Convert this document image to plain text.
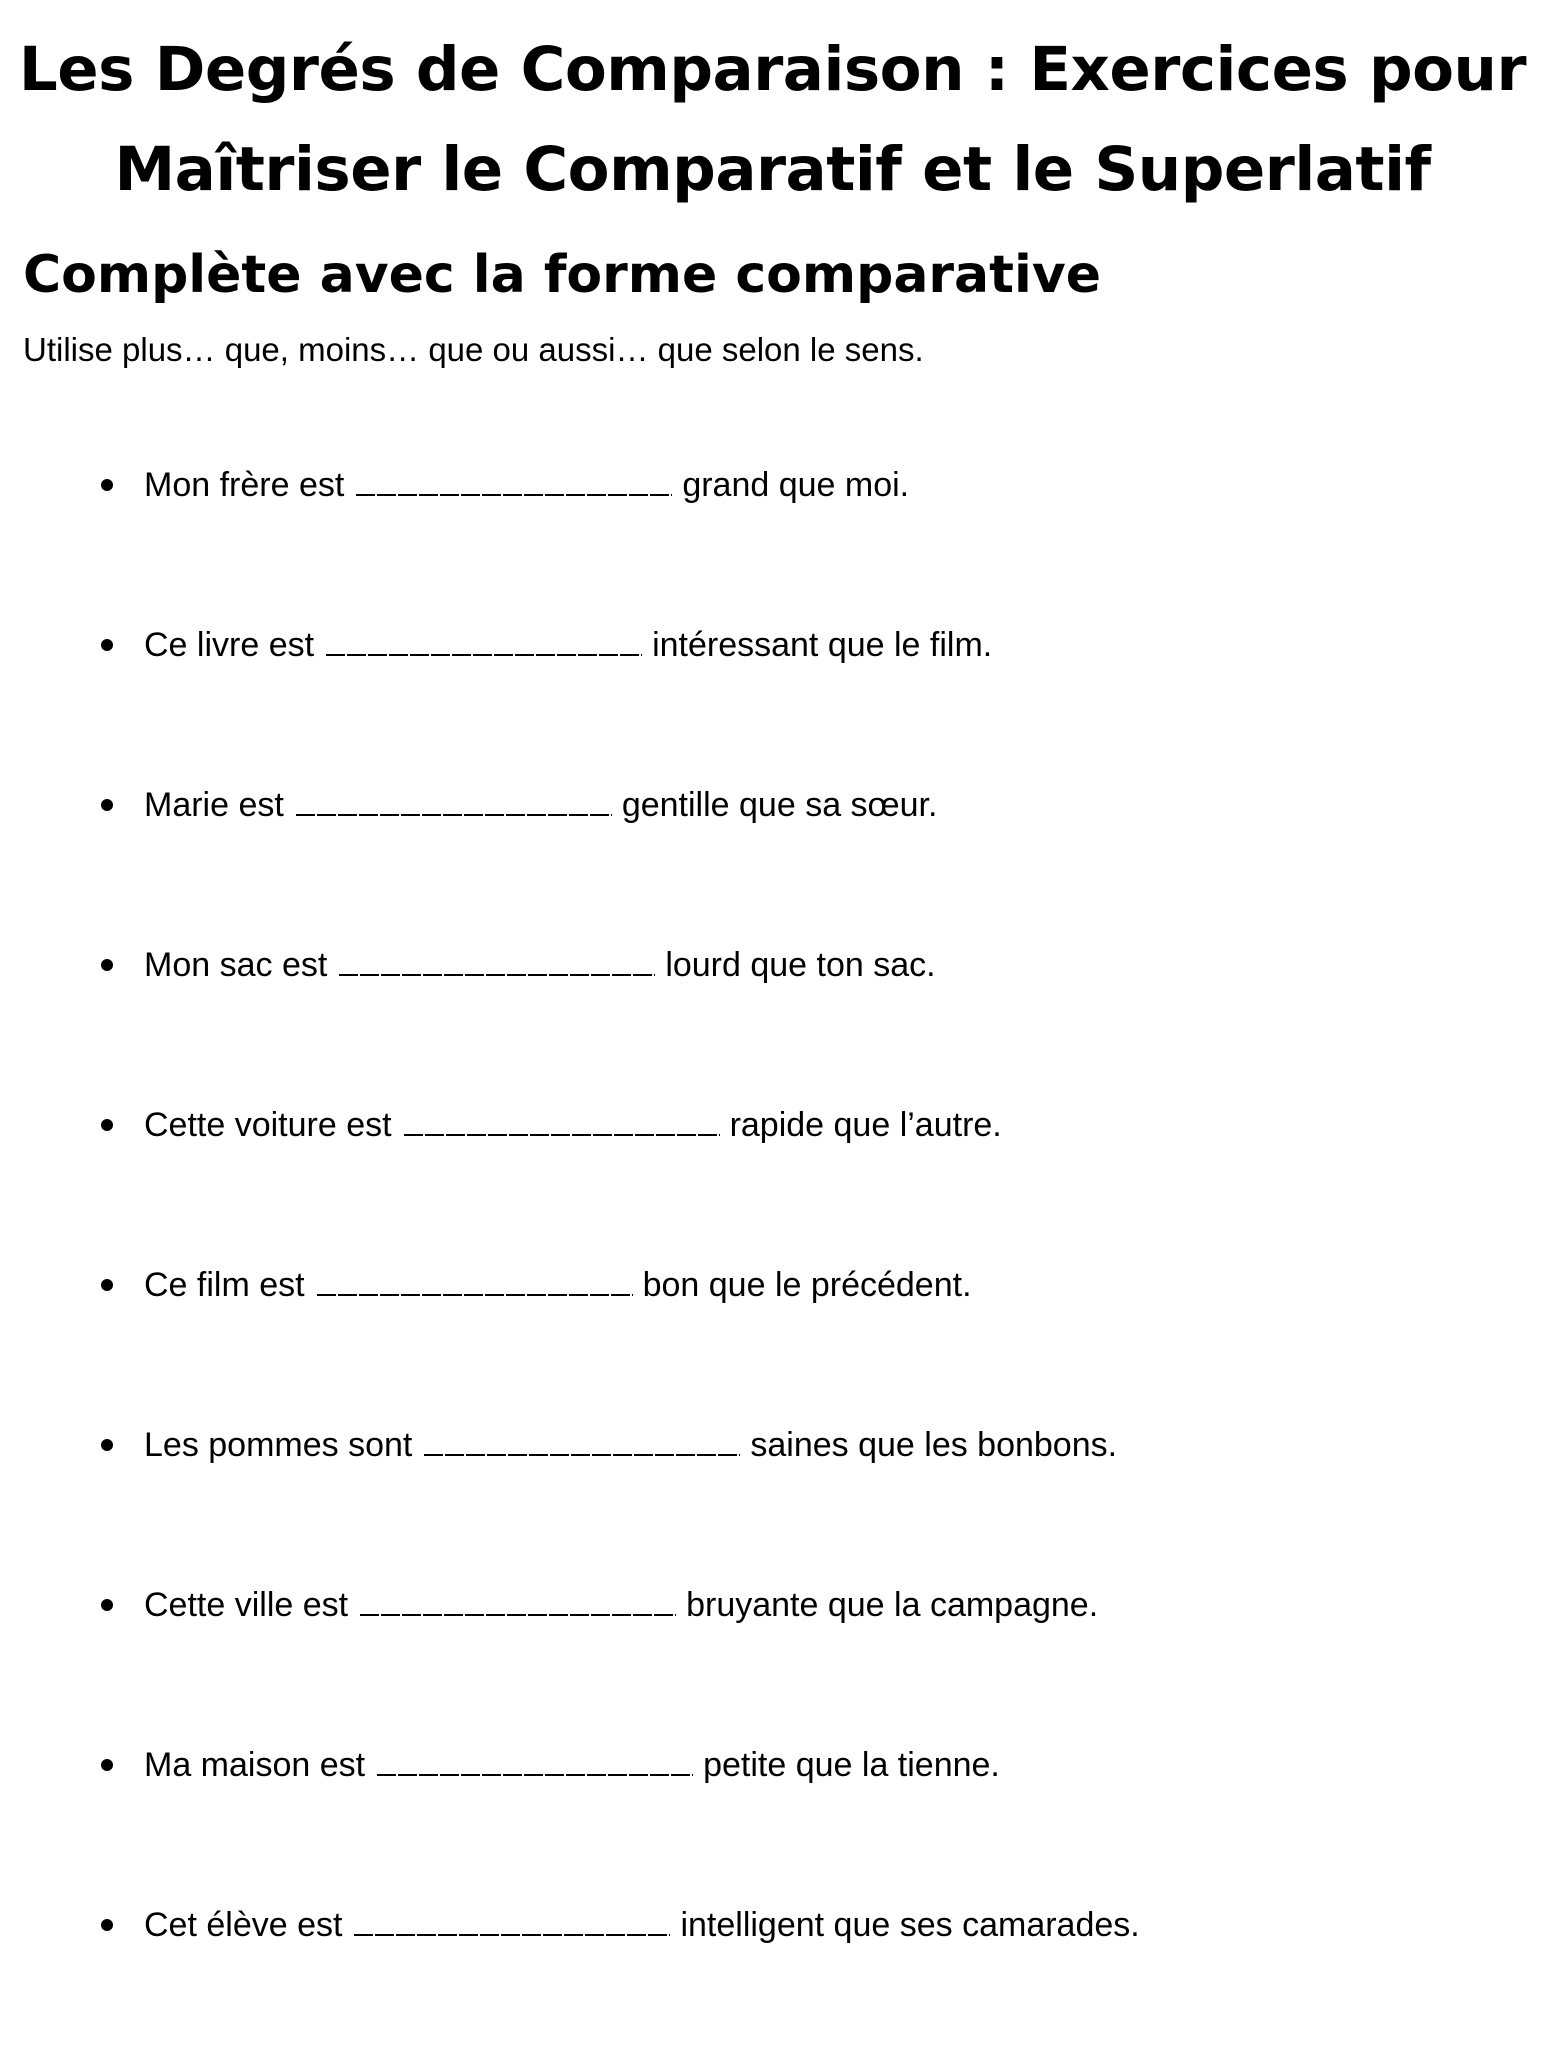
Les Degrés de Comparaison : Exercices pour
Maîtriser le Comparatif et le Superlatif
Complète avec la forme comparative

Utilise plus… que, moins… que ou aussi… que selon le sens.

Mon frère est	grand que moi.
Ce livre est	intéressant que le film.
Marie est	gentille que sa sœur.
Mon sac est	lourd que ton sac.
Cette voiture est	rapide que l’autre.
Ce film est	bon que le précédent.
Les pommes sont	saines que les bonbons.
Cette ville est	bruyante que la campagne.
Ma maison est	petite que la tienne.
Cet élève est	intelligent que ses camarades.
